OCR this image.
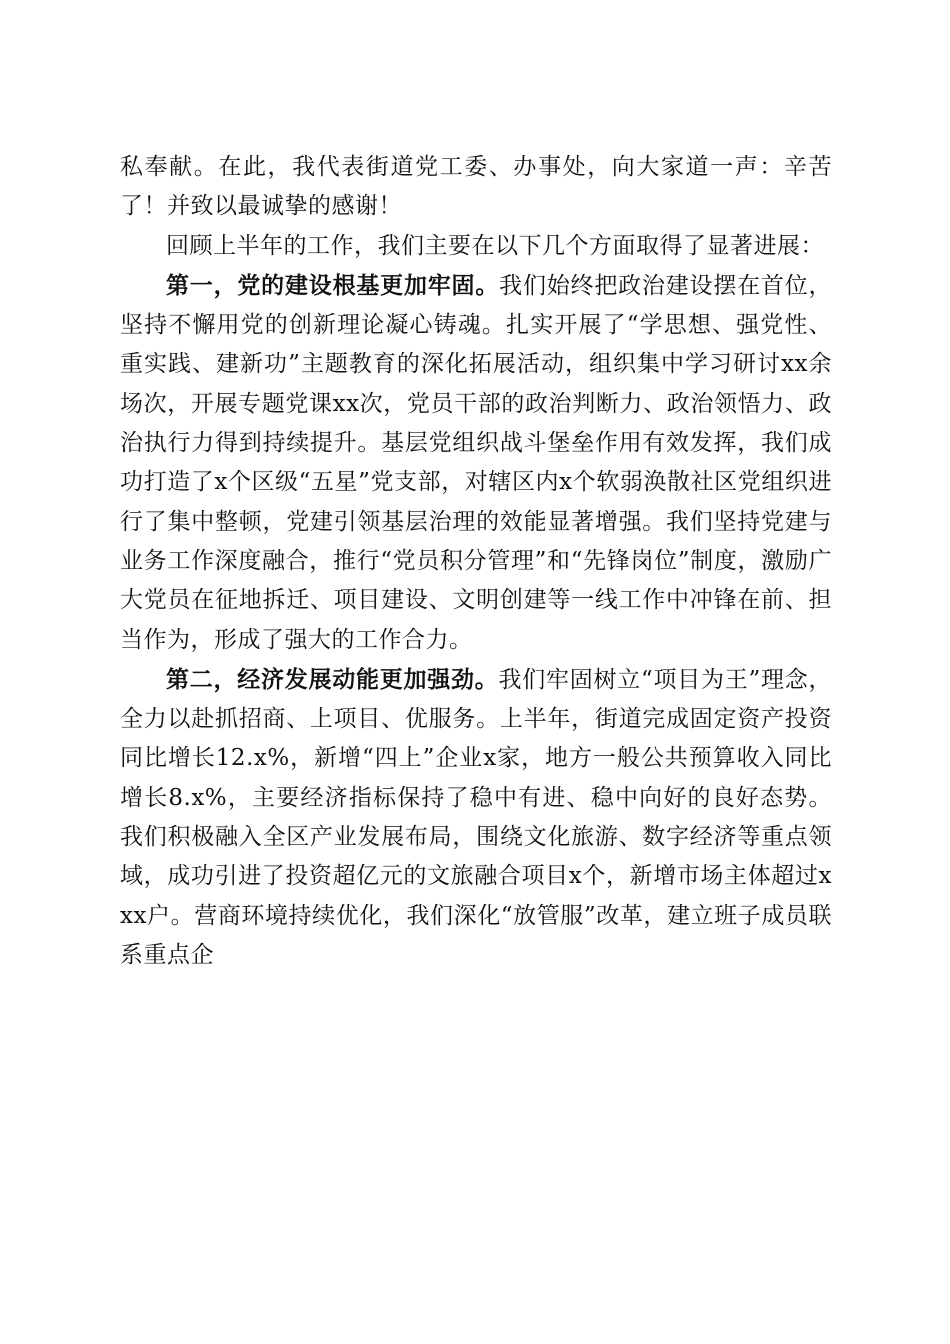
私奉献。在此，我代表街道党工委、办事处，向大家道一声：辛苦了！并致以最诚挚的感谢！

回顾上半年的工作，我们主要在以下几个方面取得了显著进展：

第一，党的建设根基更加牢固。我们始终把政治建设摆在首位，坚持不懈用党的创新理论凝心铸魂。扎实开展了“学思想、强党性、重实践、建新功”主题教育的深化拓展活动，组织集中学习研讨xx余场次，开展专题党课xx次，党员干部的政治判断力、政治领悟力、政治执行力得到持续提升。基层党组织战斗堡垒作用有效发挥，我们成功打造了x个区级“五星”党支部，对辖区内x个软弱涣散社区党组织进行了集中整顿，党建引领基层治理的效能显著增强。我们坚持党建与业务工作深度融合，推行“党员积分管理”和“先锋岗位”制度，激励广大党员在征地拆迁、项目建设、文明创建等一线工作中冲锋在前、担当作为，形成了强大的工作合力。

第二，经济发展动能更加强劲。我们牢固树立“项目为王”理念，全力以赴抓招商、上项目、优服务。上半年，街道完成固定资产投资同比增长12.x%，新增“四上”企业x家，地方一般公共预算收入同比增长8.x%，主要经济指标保持了稳中有进、稳中向好的良好态势。我们积极融入全区产业发展布局，围绕文化旅游、数字经济等重点领域，成功引进了投资超亿元的文旅融合项目x个，新增市场主体超过xxx户。营商环境持续优化，我们深化“放管服”改革，建立班子成员联系重点企
